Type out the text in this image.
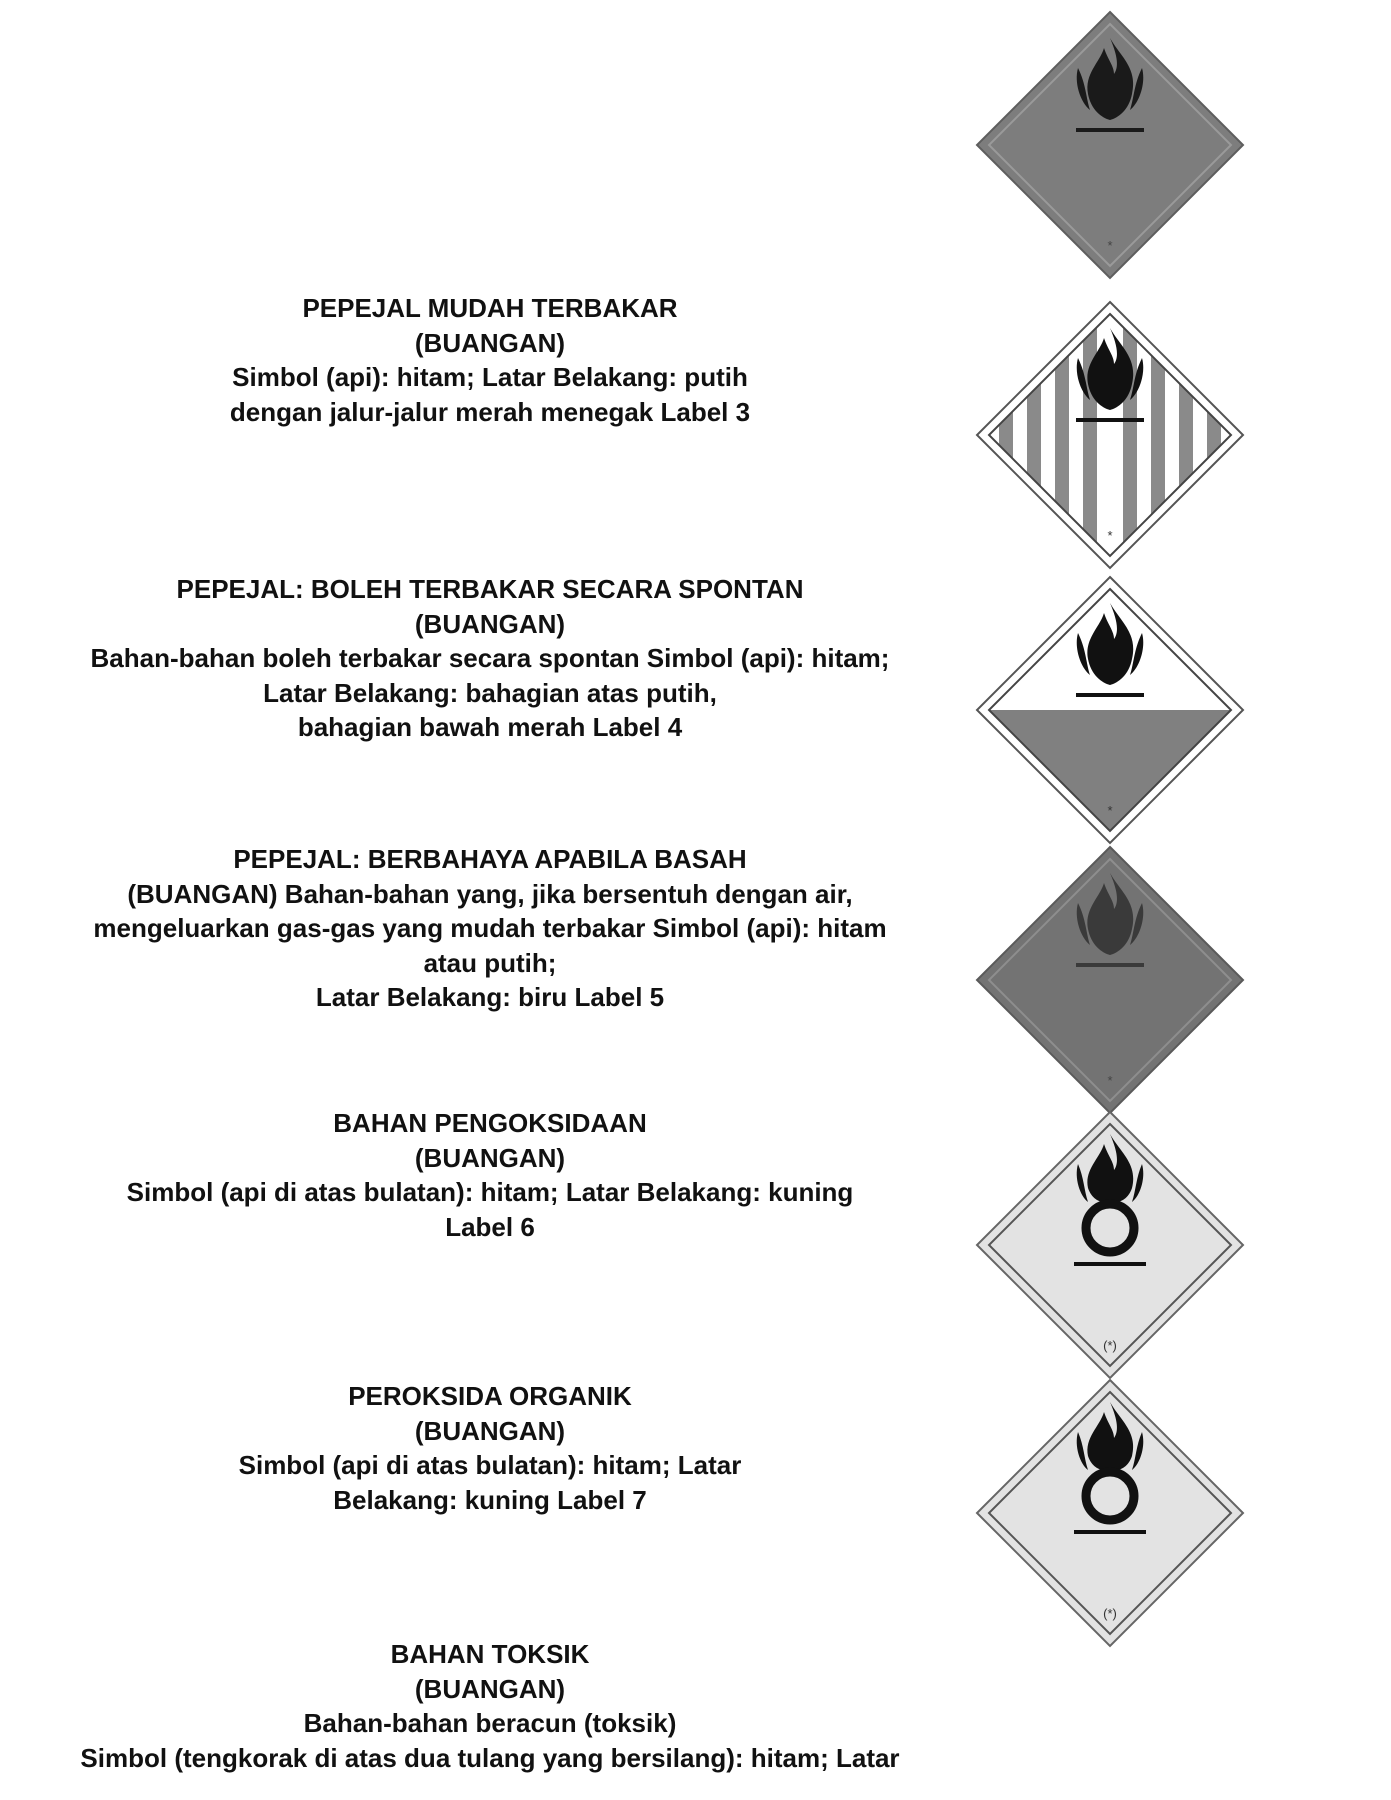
*
PEPEJAL MUDAH TERBAKAR
(BUANGAN)
Simbol (api): hitam; Latar Belakang: putih
dengan jalur-jalur merah menegak Label 3
*
PEPEJAL: BOLEH TERBAKAR SECARA SPONTAN
(BUANGAN)
Bahan-bahan boleh terbakar secara spontan Simbol (api): hitam;
Latar Belakang: bahagian atas putih,
bahagian bawah merah Label 4
*
PEPEJAL: BERBAHAYA APABILA BASAH
(BUANGAN) Bahan-bahan yang, jika bersentuh dengan air,
mengeluarkan gas-gas yang mudah terbakar Simbol (api): hitam
atau putih;
Latar Belakang: biru Label 5
*
BAHAN PENGOKSIDAAN
(BUANGAN)
Simbol (api di atas bulatan): hitam; Latar Belakang: kuning
Label 6
(*)
PEROKSIDA ORGANIK
(BUANGAN)
Simbol (api di atas bulatan): hitam; Latar
Belakang: kuning Label 7
(*)
BAHAN TOKSIK
(BUANGAN)
Bahan-bahan beracun (toksik)
Simbol (tengkorak di atas dua tulang yang bersilang): hitam; Latar
